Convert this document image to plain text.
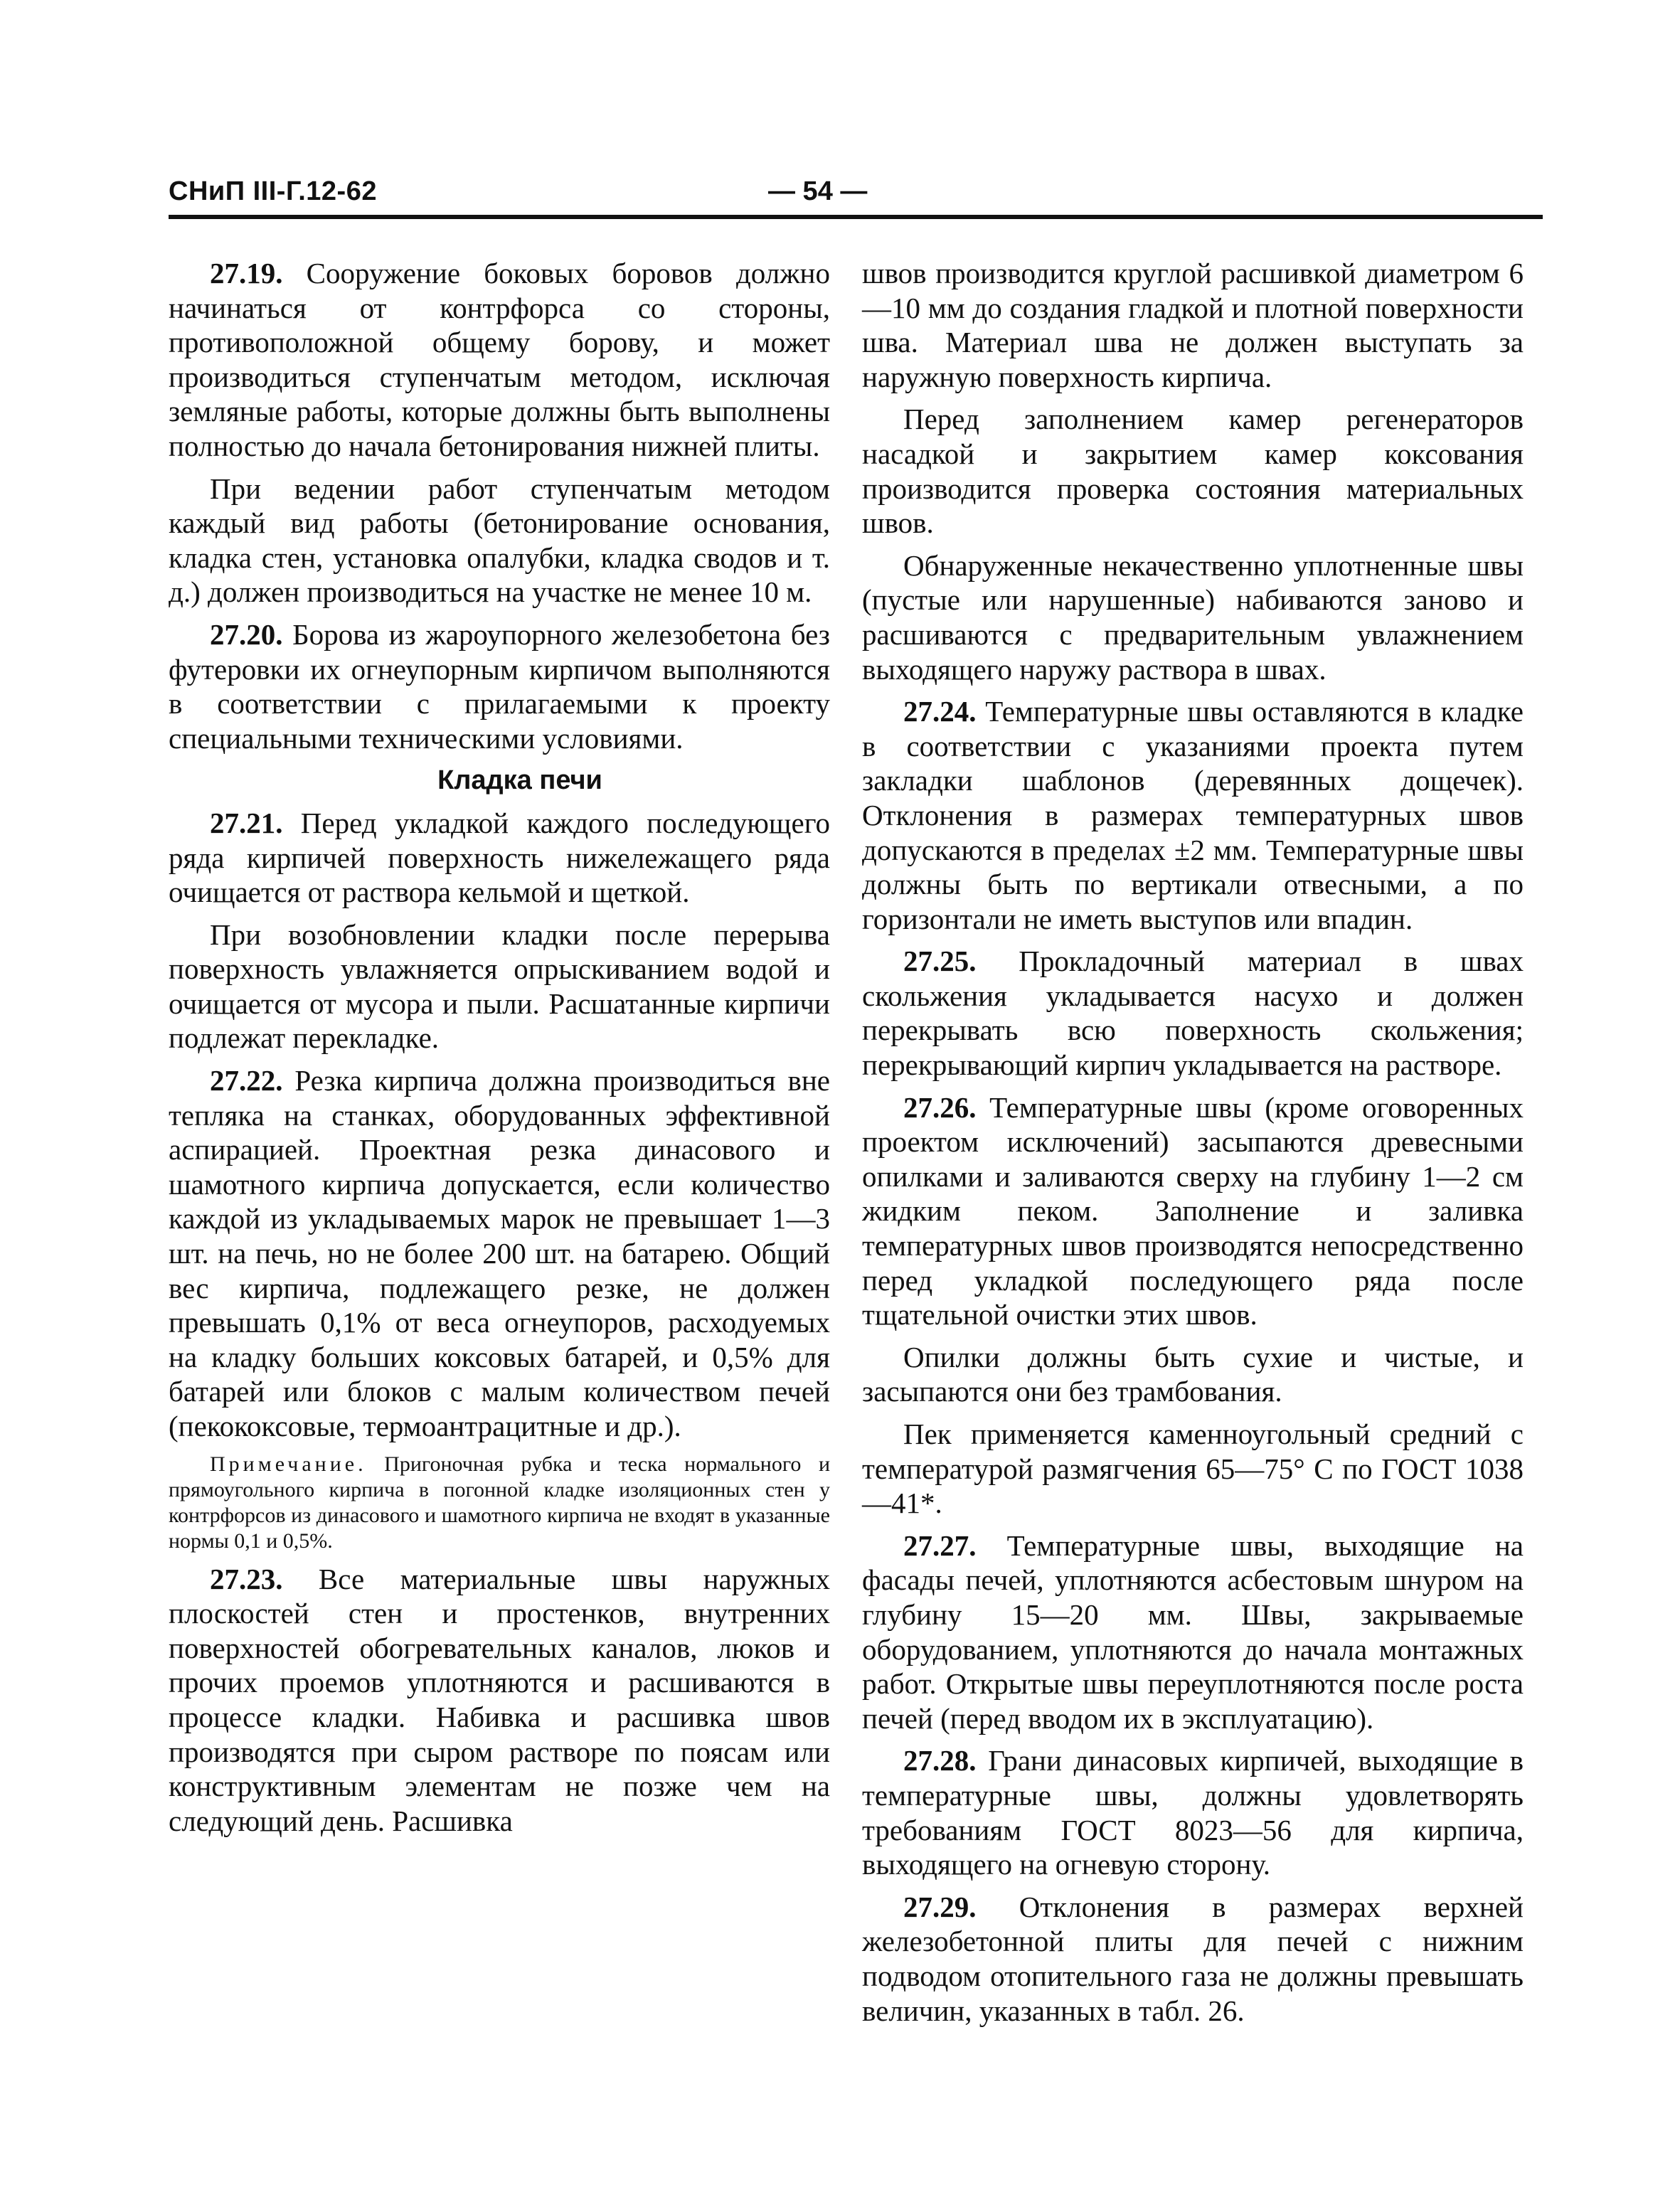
СНиП III-Г.12-62	— 54 —

27.19. Сооружение боковых боровов должно начинаться от контрфорса со стороны, противоположной общему борову, и может производиться ступенчатым методом, исключая земляные работы, которые должны быть выполнены полностью до начала бетонирования нижней плиты.

При ведении работ ступенчатым методом каждый вид работы (бетонирование основания, кладка стен, установка опалубки, кладка сводов и т. д.) должен производиться на участке не менее 10 м.

27.20. Борова из жароупорного железобетона без футеровки их огнеупорным кирпичом выполняются в соответствии с прилагаемыми к проекту специальными техническими условиями.

Кладка печи

27.21. Перед укладкой каждого последующего ряда кирпичей поверхность нижележащего ряда очищается от раствора кельмой и щеткой.

При возобновлении кладки после перерыва поверхность увлажняется опрыскиванием водой и очищается от мусора и пыли. Расшатанные кирпичи подлежат перекладке.

27.22. Резка кирпича должна производиться вне тепляка на станках, оборудованных эффективной аспирацией. Проектная резка динасового и шамотного кирпича допускается, если количество каждой из укладываемых марок не превышает 1—3 шт. на печь, но не более 200 шт. на батарею. Общий вес кирпича, подлежащего резке, не должен превышать 0,1% от веса огнеупоров, расходуемых на кладку больших коксовых батарей, и 0,5% для батарей или блоков с малым количеством печей (пекококсовые, термоантрацитные и др.).

Примечание. Пригоночная рубка и теска нормального и прямоугольного кирпича в погонной кладке изоляционных стен у контрфорсов из динасового и шамотного кирпича не входят в указанные нормы 0,1 и 0,5%.

27.23. Все материальные швы наружных плоскостей стен и простенков, внутренних поверхностей обогревательных каналов, люков и прочих проемов уплотняются и расшиваются в процессе кладки. Набивка и расшивка швов производятся при сыром растворе по поясам или конструктивным элементам не позже чем на следующий день. Расшивка

швов производится круглой расшивкой диаметром 6—10 мм до создания гладкой и плотной поверхности шва. Материал шва не должен выступать за наружную поверхность кирпича.

Перед заполнением камер регенераторов насадкой и закрытием камер коксования производится проверка состояния материальных швов.

Обнаруженные некачественно уплотненные швы (пустые или нарушенные) набиваются заново и расшиваются с предварительным увлажнением выходящего наружу раствора в швах.

27.24. Температурные швы оставляются в кладке в соответствии с указаниями проекта путем закладки шаблонов (деревянных дощечек). Отклонения в размерах температурных швов допускаются в пределах ±2 мм. Температурные швы должны быть по вертикали отвесными, а по горизонтали не иметь выступов или впадин.

27.25. Прокладочный материал в швах скольжения укладывается насухо и должен перекрывать всю поверхность скольжения; перекрывающий кирпич укладывается на растворе.

27.26. Температурные швы (кроме оговоренных проектом исключений) засыпаются древесными опилками и заливаются сверху на глубину 1—2 см жидким пеком. Заполнение и заливка температурных швов производятся непосредственно перед укладкой последующего ряда после тщательной очистки этих швов.

Опилки должны быть сухие и чистые, и засыпаются они без трамбования.

Пек применяется каменноугольный средний с температурой размягчения 65—75° С по ГОСТ 1038—41*.

27.27. Температурные швы, выходящие на фасады печей, уплотняются асбестовым шнуром на глубину 15—20 мм. Швы, закрываемые оборудованием, уплотняются до начала монтажных работ. Открытые швы переуплотняются после роста печей (перед вводом их в эксплуатацию).

27.28. Грани динасовых кирпичей, выходящие в температурные швы, должны удовлетворять требованиям ГОСТ 8023—56 для кирпича, выходящего на огневую сторону.

27.29. Отклонения в размерах верхней железобетонной плиты для печей с нижним подводом отопительного газа не должны превышать величин, указанных в табл. 26.
